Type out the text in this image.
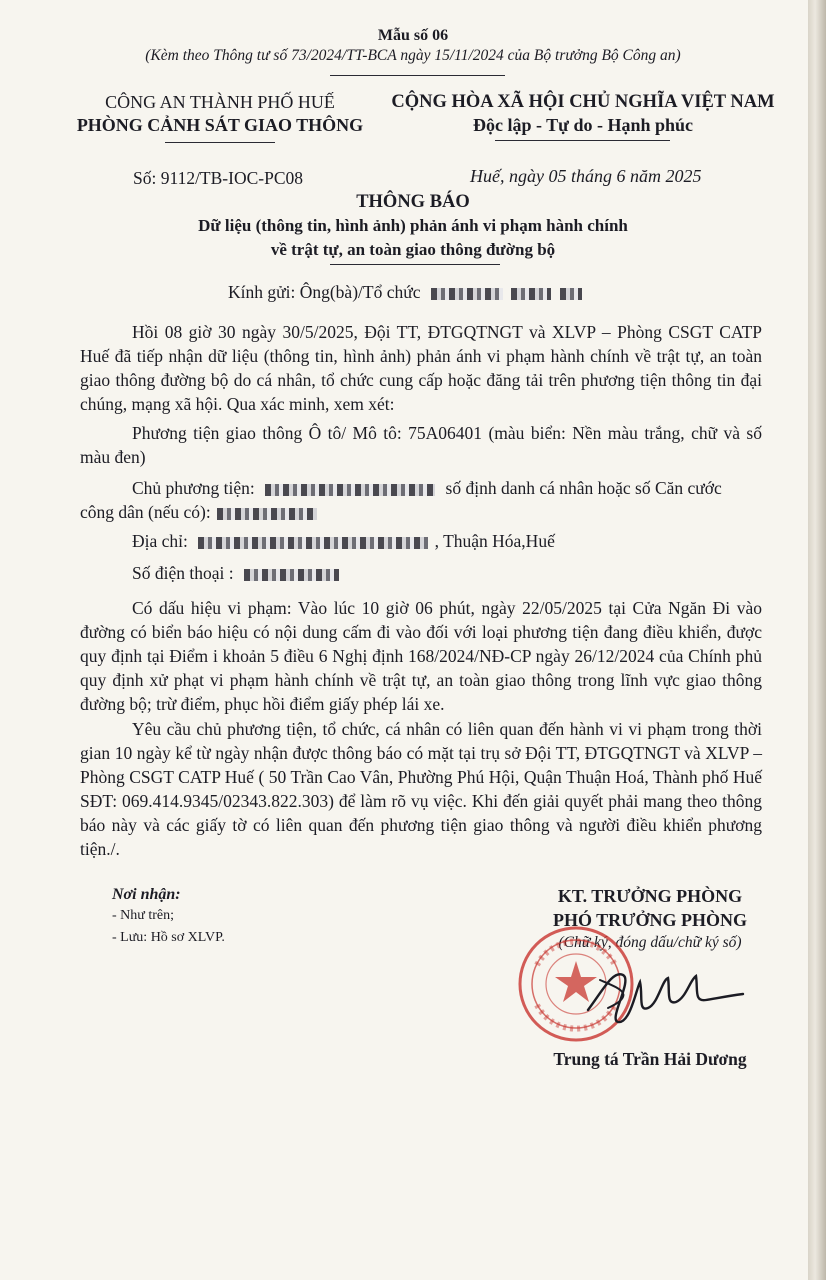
Mẫu số 06
(Kèm theo Thông tư số 73/2024/TT-BCA ngày 15/11/2024 của Bộ trưởng Bộ Công an)
CÔNG AN THÀNH PHỐ HUẾ
PHÒNG CẢNH SÁT GIAO THÔNG
CỘNG HÒA XÃ HỘI CHỦ NGHĨA VIỆT NAM
Độc lập - Tự do - Hạnh phúc
Số: 9112/TB-IOC-PC08	Huế, ngày 05 tháng 6 năm 2025
THÔNG BÁO
Dữ liệu (thông tin, hình ảnh) phản ánh vi phạm hành chính
về trật tự, an toàn giao thông đường bộ
Kính gửi: Ông(bà)/Tổ chức
Hồi 08 giờ 30 ngày 30/5/2025, Đội TT, ĐTGQTNGT và XLVP – Phòng CSGT CATP Huế đã tiếp nhận dữ liệu (thông tin, hình ảnh) phản ánh vi phạm hành chính về trật tự, an toàn giao thông đường bộ do cá nhân, tổ chức cung cấp hoặc đăng tải trên phương tiện thông tin đại chúng, mạng xã hội. Qua xác minh, xem xét:
Phương tiện giao thông Ô tô/ Mô tô: 75A06401 (màu biển: Nền màu trắng, chữ và số màu đen)
Chủ phương tiện:	số định danh cá nhân hoặc số Căn cước
công dân (nếu có):
Địa chỉ:	, Thuận Hóa,Huế
Số điện thoại :
Có dấu hiệu vi phạm: Vào lúc 10 giờ 06 phút, ngày 22/05/2025 tại Cửa Ngăn Đi vào đường có biển báo hiệu có nội dung cấm đi vào đối với loại phương tiện đang điều khiển, được quy định tại Điểm i khoản 5 điều 6 Nghị định 168/2024/NĐ-CP ngày 26/12/2024 của Chính phủ quy định xử phạt vi phạm hành chính về trật tự, an toàn giao thông trong lĩnh vực giao thông đường bộ; trừ điểm, phục hồi điểm giấy phép lái xe.
Yêu cầu chủ phương tiện, tổ chức, cá nhân có liên quan đến hành vi vi phạm trong thời gian 10 ngày kể từ ngày nhận được thông báo có mặt tại trụ sở Đội TT, ĐTGQTNGT và XLVP – Phòng CSGT CATP Huế ( 50 Trần Cao Vân, Phường Phú Hội, Quận Thuận Hoá, Thành phố Huế SĐT: 069.414.9345/02343.822.303) để làm rõ vụ việc. Khi đến giải quyết phải mang theo thông báo này và các giấy tờ có liên quan đến phương tiện giao thông và người điều khiển phương tiện./.
Nơi nhận:
- Như trên;
- Lưu: Hồ sơ XLVP.
KT. TRƯỞNG PHÒNG
PHÓ TRƯỞNG PHÒNG
(Chữ ký, đóng dấu/chữ ký số)
Trung tá Trần Hải Dương
